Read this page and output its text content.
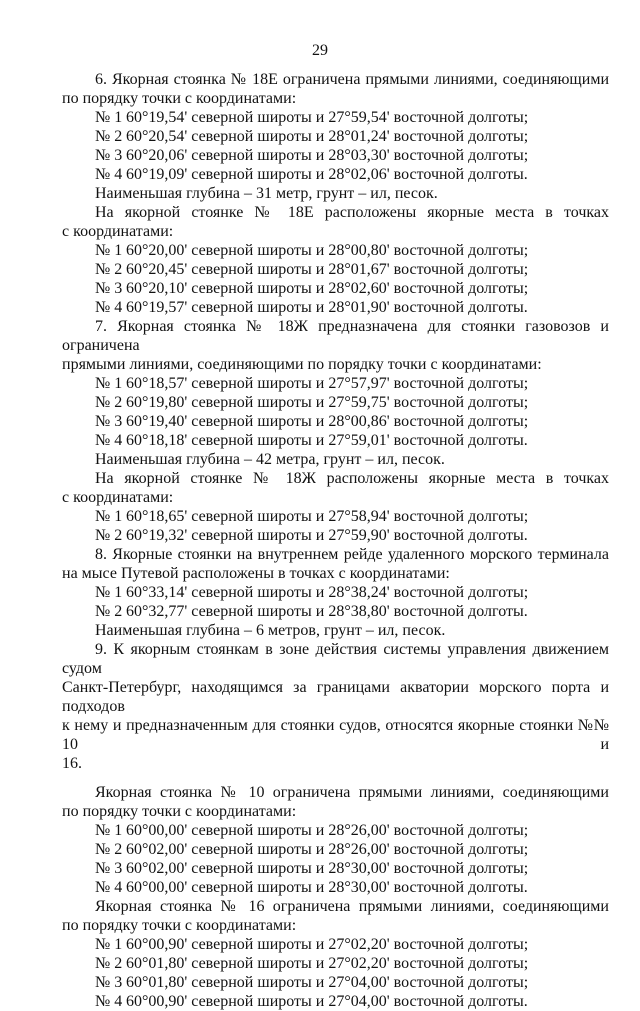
29

6. Якорная стоянка № 18Е ограничена прямыми линиями, соединяющими

по порядку точки с координатами:

№ 1 60°19,54' северной широты и 27°59,54' восточной долготы;
№ 2 60°20,54' северной широты и 28°01,24' восточной долготы;
№ 3 60°20,06' северной широты и 28°03,30' восточной долготы;
№ 4 60°19,09' северной широты и 28°02,06' восточной долготы.

Наименьшая глубина – 31 метр, грунт – ил, песок.

На якорной стоянке № 18Е расположены якорные места в точках

с координатами:

№ 1 60°20,00' северной широты и 28°00,80' восточной долготы;
№ 2 60°20,45' северной широты и 28°01,67' восточной долготы;
№ 3 60°20,10' северной широты и 28°02,60' восточной долготы;
№ 4 60°19,57' северной широты и 28°01,90' восточной долготы.

7. Якорная стоянка № 18Ж предназначена для стоянки газовозов и ограничена

прямыми линиями, соединяющими по порядку точки с координатами:

№ 1 60°18,57' северной широты и 27°57,97' восточной долготы;
№ 2 60°19,80' северной широты и 27°59,75' восточной долготы;
№ 3 60°19,40' северной широты и 28°00,86' восточной долготы;
№ 4 60°18,18' северной широты и 27°59,01' восточной долготы.

Наименьшая глубина – 42 метра, грунт – ил, песок.

На якорной стоянке № 18Ж расположены якорные места в точках

с координатами:

№ 1 60°18,65' северной широты и 27°58,94' восточной долготы;
№ 2 60°19,32' северной широты и 27°59,90' восточной долготы.

8. Якорные стоянки на внутреннем рейде удаленного морского терминала

на мысе Путевой расположены в точках с координатами:

№ 1 60°33,14' северной широты и 28°38,24' восточной долготы;
№ 2 60°32,77' северной широты и 28°38,80' восточной долготы.

Наименьшая глубина – 6 метров, грунт – ил, песок.

9. К якорным стоянкам в зоне действия системы управления движением судом

Санкт-Петербург, находящимся за границами акватории морского порта и подходов

к нему и предназначенным для стоянки судов, относятся якорные стоянки №№ 10 и

16.

Якорная стоянка № 10 ограничена прямыми линиями, соединяющими

по порядку точки с координатами:

№ 1 60°00,00' северной широты и 28°26,00' восточной долготы;
№ 2 60°02,00' северной широты и 28°26,00' восточной долготы;
№ 3 60°02,00' северной широты и 28°30,00' восточной долготы;
№ 4 60°00,00' северной широты и 28°30,00' восточной долготы.

Якорная стоянка № 16 ограничена прямыми линиями, соединяющими

по порядку точки с координатами:

№ 1 60°00,90' северной широты и 27°02,20' восточной долготы;
№ 2 60°01,80' северной широты и 27°02,20' восточной долготы;
№ 3 60°01,80' северной широты и 27°04,00' восточной долготы;
№ 4 60°00,90' северной широты и 27°04,00' восточной долготы.
